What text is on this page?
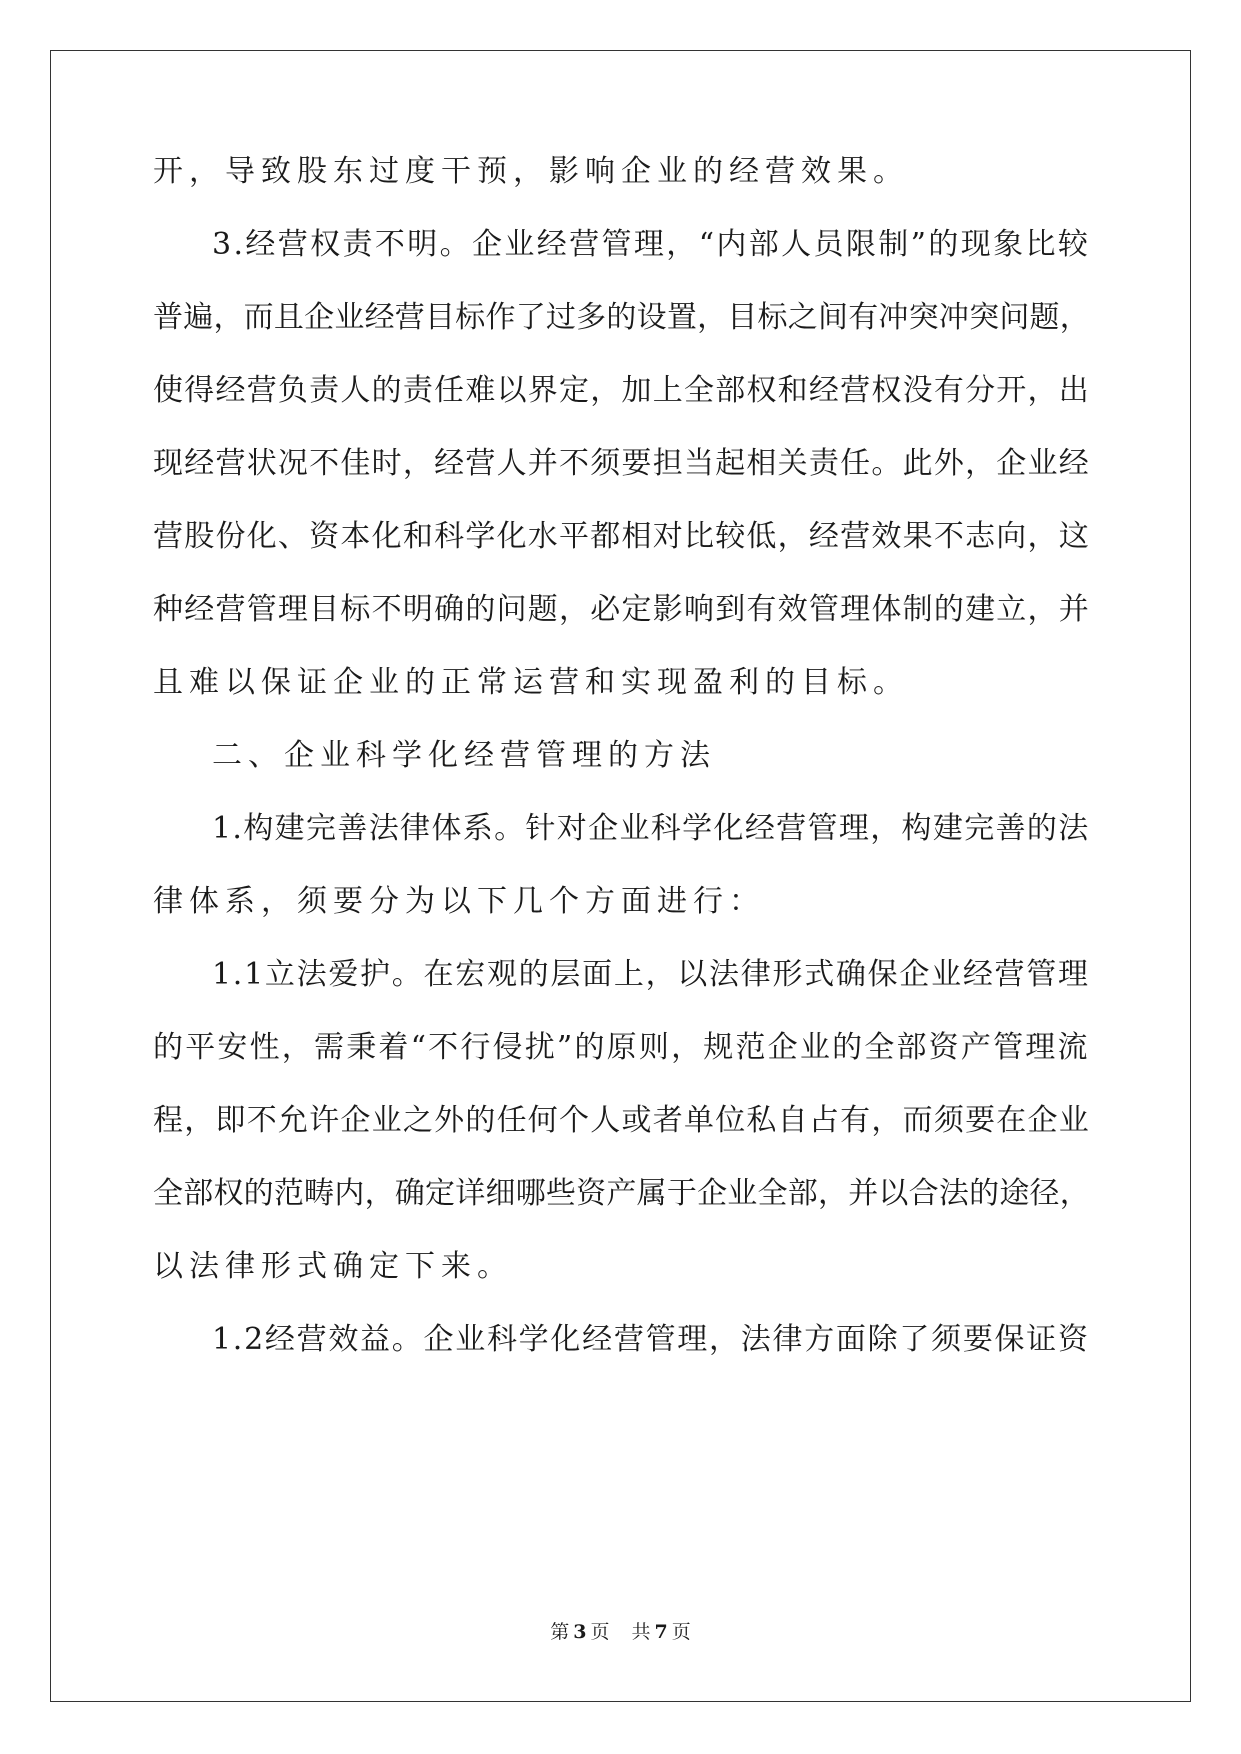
开，导致股东过度干预，影响企业的经营效果。
3.经营权责不明。企业经营管理，“内部人员限制”的现象比较
普遍，而且企业经营目标作了过多的设置，目标之间有冲突冲突问题，
使得经营负责人的责任难以界定，加上全部权和经营权没有分开，出
现经营状况不佳时，经营人并不须要担当起相关责任。此外，企业经
营股份化、资本化和科学化水平都相对比较低，经营效果不志向，这
种经营管理目标不明确的问题，必定影响到有效管理体制的建立，并
且难以保证企业的正常运营和实现盈利的目标。
二、企业科学化经营管理的方法
1.构建完善法律体系。针对企业科学化经营管理，构建完善的法
律体系，须要分为以下几个方面进行：
1.1立法爱护。在宏观的层面上，以法律形式确保企业经营管理
的平安性，需秉着“不行侵扰”的原则，规范企业的全部资产管理流
程，即不允许企业之外的任何个人或者单位私自占有，而须要在企业
全部权的范畴内，确定详细哪些资产属于企业全部，并以合法的途径，
以法律形式确定下来。
1.2经营效益。企业科学化经营管理，法律方面除了须要保证资
第 3 页 共 7 页
